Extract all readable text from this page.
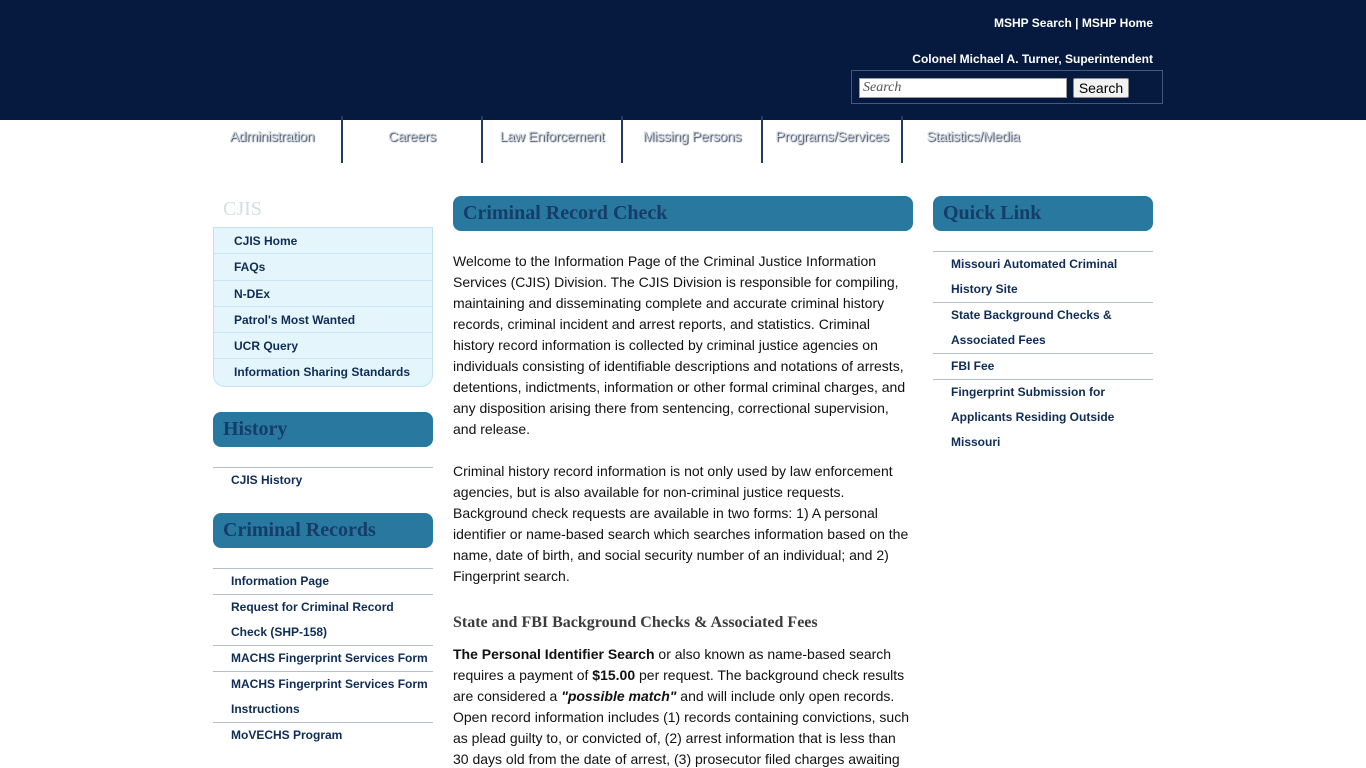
MSHP Search | MSHP Home
Colonel Michael A. Turner, Superintendent
Search
Search
Administration	Careers	Law Enforcement	Missing Persons	Programs/Services	Statistics/Media
CJIS
CJIS Home
FAQs
N-DEx
Patrol's Most Wanted
UCR Query
Information Sharing Standards
History
CJIS History
Criminal Records
Information Page
Request for Criminal Record Check (SHP-158)
MACHS Fingerprint Services Form
MACHS Fingerprint Services Form Instructions
MoVECHS Program
Criminal Record Check

Welcome to the Information Page of the Criminal Justice Information Services (CJIS) Division. The CJIS Division is responsible for compiling, maintaining and disseminating complete and accurate criminal history records, criminal incident and arrest reports, and statistics. Criminal history record information is collected by criminal justice agencies on individuals consisting of identifiable descriptions and notations of arrests, detentions, indictments, information or other formal criminal charges, and any disposition arising there from sentencing, correctional supervision, and release.

Criminal history record information is not only used by law enforcement agencies, but is also available for non-criminal justice requests. Background check requests are available in two forms: 1) A personal identifier or name-based search which searches information based on the name, date of birth, and social security number of an individual; and 2) Fingerprint search.

State and FBI Background Checks & Associated Fees

The Personal Identifier Search or also known as name-based search requires a payment of $15.00 per request. The background check results are considered a "possible match" and will include only open records. Open record information includes (1) records containing convictions, such as plead guilty to, or convicted of, (2) arrest information that is less than 30 days old from the date of arrest, (3) prosecutor filed charges awaiting

Quick Link
Missouri Automated Criminal History Site
State Background Checks & Associated Fees
FBI Fee
Fingerprint Submission for Applicants Residing Outside Missouri
